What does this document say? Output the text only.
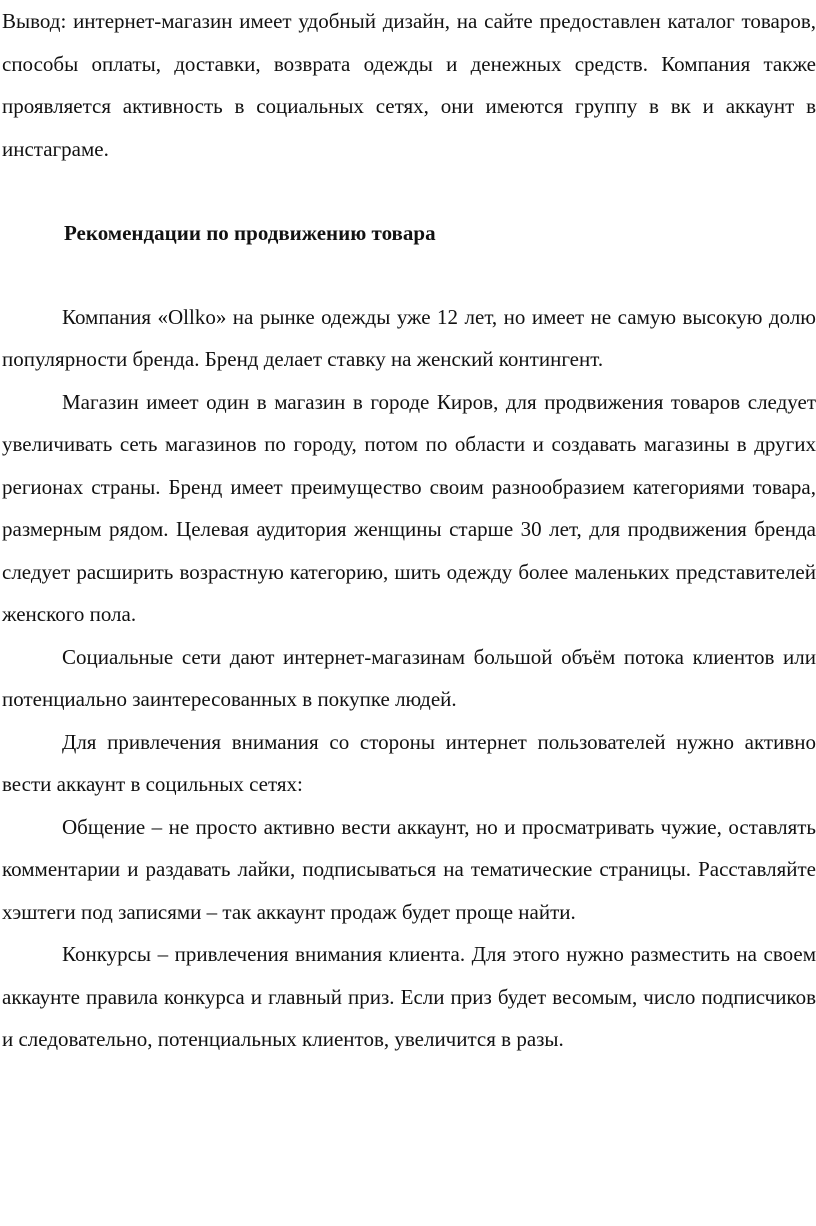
Вывод: интернет-магазин имеет удобный дизайн, на сайте предоставлен каталог товаров, способы оплаты, доставки, возврата одежды и денежных средств. Компания также проявляется активность в социальных сетях, они имеются группу в вк и аккаунт в инстаграме.

Рекомендации по продвижению товара

Компания «Ollko» на рынке одежды уже 12 лет, но имеет не самую высокую долю популярности бренда. Бренд делает ставку на женский контингент.

Магазин имеет один в магазин в городе Киров, для продвижения товаров следует увеличивать сеть магазинов по городу, потом по области и создавать магазины в других регионах страны. Бренд имеет преимущество своим разнообразием категориями товара, размерным рядом. Целевая аудитория женщины старше 30 лет, для продвижения бренда следует расширить возрастную категорию, шить одежду более маленьких представителей женского пола.

Социальные сети дают интернет-магазинам большой объём потока клиентов или потенциально заинтересованных в покупке людей.

Для привлечения внимания со стороны интернет пользователей нужно активно вести аккаунт в социльных сетях:

Общение – не просто активно вести аккаунт, но и просматривать чужие, оставлять комментарии и раздавать лайки, подписываться на тематические страницы. Расставляйте хэштеги под записями – так аккаунт продаж будет проще найти.

Конкурсы – привлечения внимания клиента. Для этого нужно разместить на своем аккаунте правила конкурса и главный приз. Если приз будет весомым, число подписчиков и следовательно, потенциальных клиентов, увеличится в разы.
